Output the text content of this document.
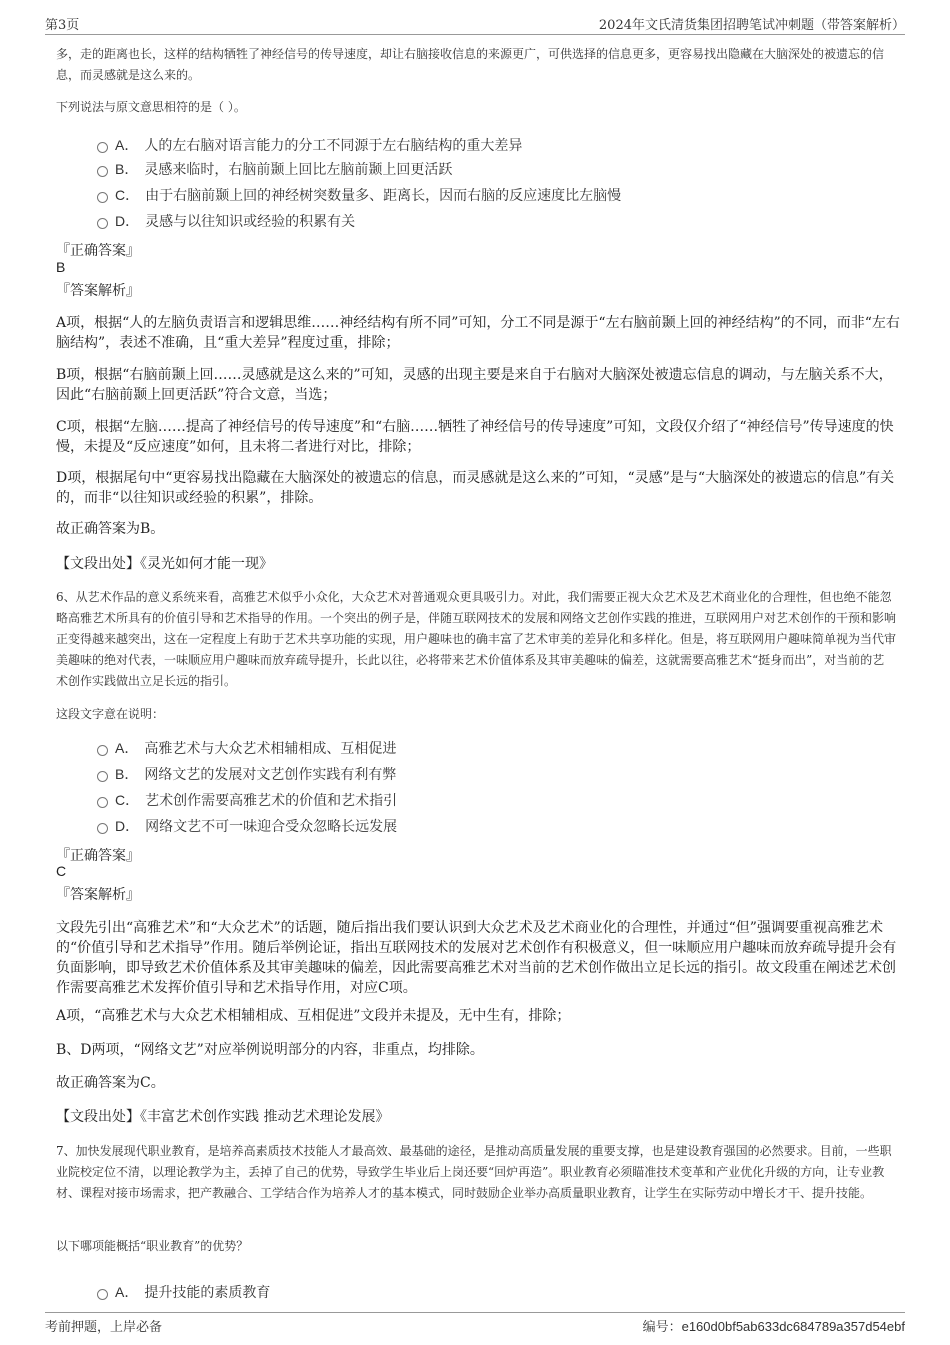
第3页	2024年文氏清货集团招聘笔试冲刺题（带答案解析）
多，走的距离也长，这样的结构牺牲了神经信号的传导速度，却让右脑接收信息的来源更广，可供选择的信息更多，更容易找出隐藏在大脑深处的被遗忘的信息，而灵感就是这么来的。
下列说法与原文意思相符的是（ ）。
A． 人的左右脑对语言能力的分工不同源于左右脑结构的重大差异
B． 灵感来临时，右脑前颞上回比左脑前颞上回更活跃
C． 由于右脑前颞上回的神经树突数量多、距离长，因而右脑的反应速度比左脑慢
D． 灵感与以往知识或经验的积累有关
『正确答案』
B
『答案解析』
A项，根据“人的左脑负责语言和逻辑思维……神经结构有所不同”可知，分工不同是源于“左右脑前颞上回的神经结构”的不同，而非“左右脑结构”，表述不准确，且“重大差异”程度过重，排除；
B项，根据“右脑前颞上回……灵感就是这么来的”可知，灵感的出现主要是来自于右脑对大脑深处被遗忘信息的调动，与左脑关系不大，因此“右脑前颞上回更活跃”符合文意，当选；
C项，根据“左脑……提高了神经信号的传导速度”和“右脑……牺牲了神经信号的传导速度”可知，文段仅介绍了“神经信号”传导速度的快慢，未提及“反应速度”如何，且未将二者进行对比，排除；
D项，根据尾句中“更容易找出隐藏在大脑深处的被遗忘的信息，而灵感就是这么来的”可知，“灵感”是与“大脑深处的被遗忘的信息”有关的，而非“以往知识或经验的积累”，排除。
故正确答案为B。
【文段出处】《灵光如何才能一现》
6、从艺术作品的意义系统来看，高雅艺术似乎小众化，大众艺术对普通观众更具吸引力。对此，我们需要正视大众艺术及艺术商业化的合理性，但也绝不能忽略高雅艺术所具有的价值引导和艺术指导的作用。一个突出的例子是，伴随互联网技术的发展和网络文艺创作实践的推进，互联网用户对艺术创作的干预和影响正变得越来越突出，这在一定程度上有助于艺术共享功能的实现，用户趣味也的确丰富了艺术审美的差异化和多样化。但是，将互联网用户趣味简单视为当代审美趣味的绝对代表，一味顺应用户趣味而放弃疏导提升，长此以往，必将带来艺术价值体系及其审美趣味的偏差，这就需要高雅艺术“挺身而出”，对当前的艺术创作实践做出立足长远的指引。
这段文字意在说明：
A． 高雅艺术与大众艺术相辅相成、互相促进
B． 网络文艺的发展对文艺创作实践有利有弊
C． 艺术创作需要高雅艺术的价值和艺术指引
D． 网络文艺不可一味迎合受众忽略长远发展
『正确答案』
C
『答案解析』
文段先引出“高雅艺术”和“大众艺术”的话题，随后指出我们要认识到大众艺术及艺术商业化的合理性，并通过“但”强调要重视高雅艺术的“价值引导和艺术指导”作用。随后举例论证，指出互联网技术的发展对艺术创作有积极意义，但一味顺应用户趣味而放弃疏导提升会有负面影响，即导致艺术价值体系及其审美趣味的偏差，因此需要高雅艺术对当前的艺术创作做出立足长远的指引。故文段重在阐述艺术创作需要高雅艺术发挥价值引导和艺术指导作用，对应C项。
A项，“高雅艺术与大众艺术相辅相成、互相促进”文段并未提及，无中生有，排除；
B、D两项，“网络文艺”对应举例说明部分的内容，非重点，均排除。
故正确答案为C。
【文段出处】《丰富艺术创作实践 推动艺术理论发展》
7、加快发展现代职业教育，是培养高素质技术技能人才最高效、最基础的途径，是推动高质量发展的重要支撑，也是建设教育强国的必然要求。目前，一些职业院校定位不清，以理论教学为主，丢掉了自己的优势，导致学生毕业后上岗还要“回炉再造”。职业教育必须瞄准技术变革和产业优化升级的方向，让专业教材、课程对接市场需求，把产教融合、工学结合作为培养人才的基本模式，同时鼓励企业举办高质量职业教育，让学生在实际劳动中增长才干、提升技能。
以下哪项能概括“职业教育”的优势？
A． 提升技能的素质教育
考前押题，上岸必备	编号：e160d0bf5ab633dc684789a357d54ebf
